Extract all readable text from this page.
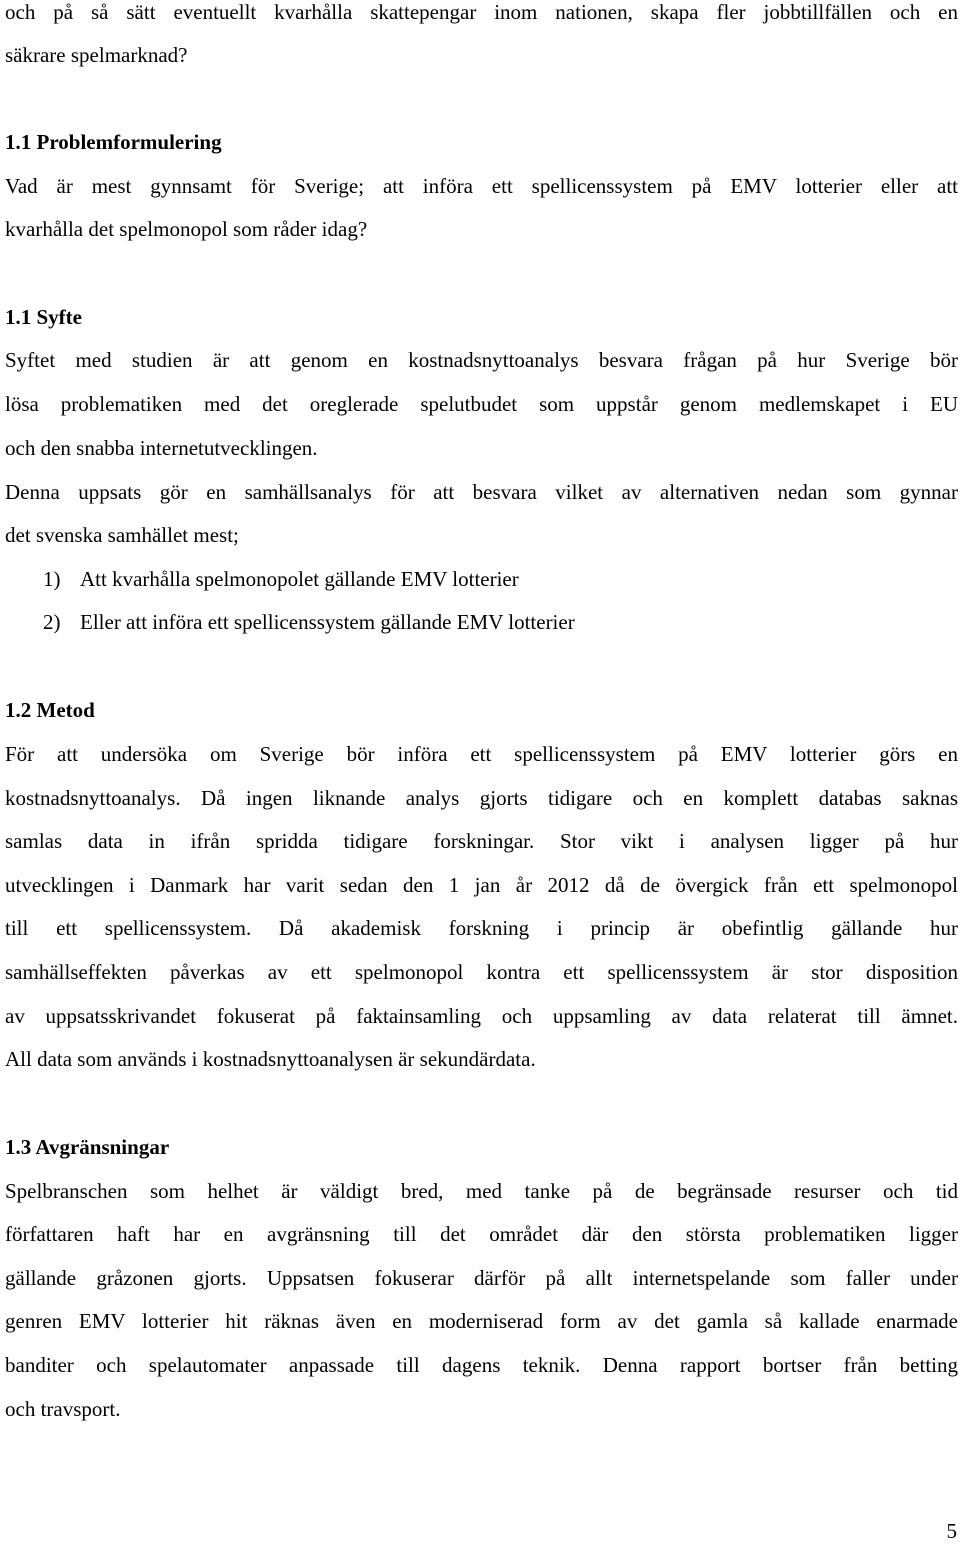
och på så sätt eventuellt kvarhålla skattepengar inom nationen, skapa fler jobbtillfällen och en
säkrare spelmarknad?
1.1 Problemformulering
Vad är mest gynnsamt för Sverige; att införa ett spellicenssystem på EMV lotterier eller att
kvarhålla det spelmonopol som råder idag?
1.1 Syfte
Syftet med studien är att genom en kostnadsnyttoanalys besvara frågan på hur Sverige bör
lösa problematiken med det oreglerade spelutbudet som uppstår genom medlemskapet i EU
och den snabba internetutvecklingen.
Denna uppsats gör en samhällsanalys för att besvara vilket av alternativen nedan som gynnar
det svenska samhället mest;
1) Att kvarhålla spelmonopolet gällande EMV lotterier
2) Eller att införa ett spellicenssystem gällande EMV lotterier
1.2 Metod
För att undersöka om Sverige bör införa ett spellicenssystem på EMV lotterier görs en
kostnadsnyttoanalys. Då ingen liknande analys gjorts tidigare och en komplett databas saknas
samlas data in ifrån spridda tidigare forskningar. Stor vikt i analysen ligger på hur
utvecklingen i Danmark har varit sedan den 1 jan år 2012 då de övergick från ett spelmonopol
till ett spellicenssystem. Då akademisk forskning i princip är obefintlig gällande hur
samhällseffekten påverkas av ett spelmonopol kontra ett spellicenssystem är stor disposition
av uppsatsskrivandet fokuserat på faktainsamling och uppsamling av data relaterat till ämnet.
All data som används i kostnadsnyttoanalysen är sekundärdata.
1.3 Avgränsningar
Spelbranschen som helhet är väldigt bred, med tanke på de begränsade resurser och tid
författaren haft har en avgränsning till det området där den största problematiken ligger
gällande gråzonen gjorts. Uppsatsen fokuserar därför på allt internetspelande som faller under
genren EMV lotterier hit räknas även en moderniserad form av det gamla så kallade enarmade
banditer och spelautomater anpassade till dagens teknik. Denna rapport bortser från betting
och travsport.
5
